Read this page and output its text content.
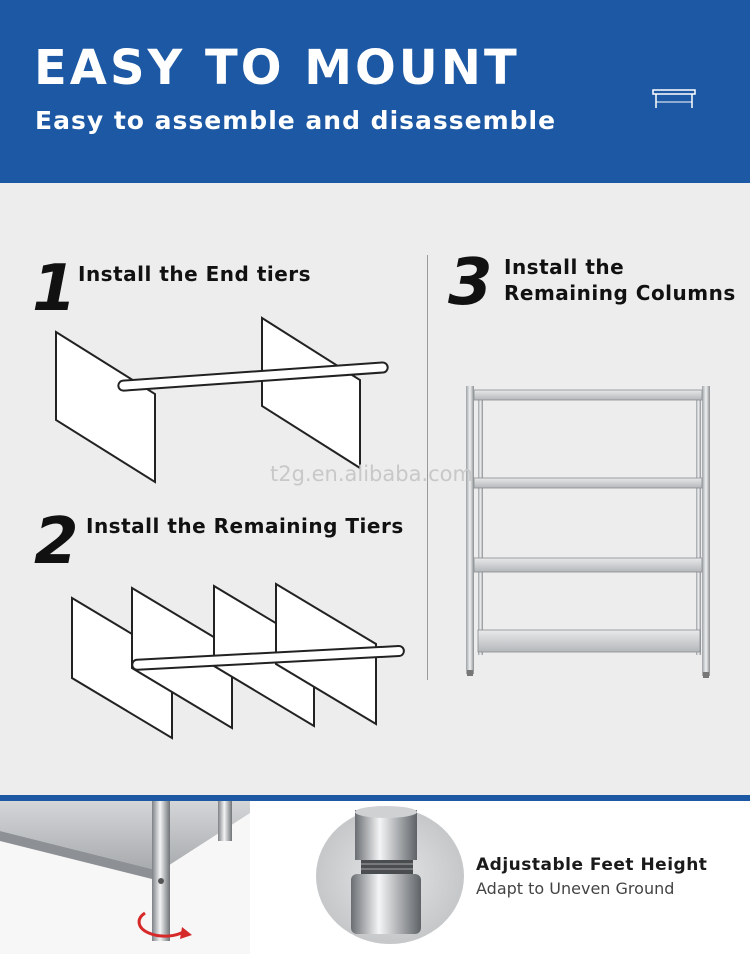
EASY TO MOUNT
Easy to assemble and disassemble
1 Install the End tiers
2 Install the Remaining Tiers
3 Install the
Remaining Columns
t2g.en.alibaba.com
Adjustable Feet Height
Adapt to Uneven Ground
